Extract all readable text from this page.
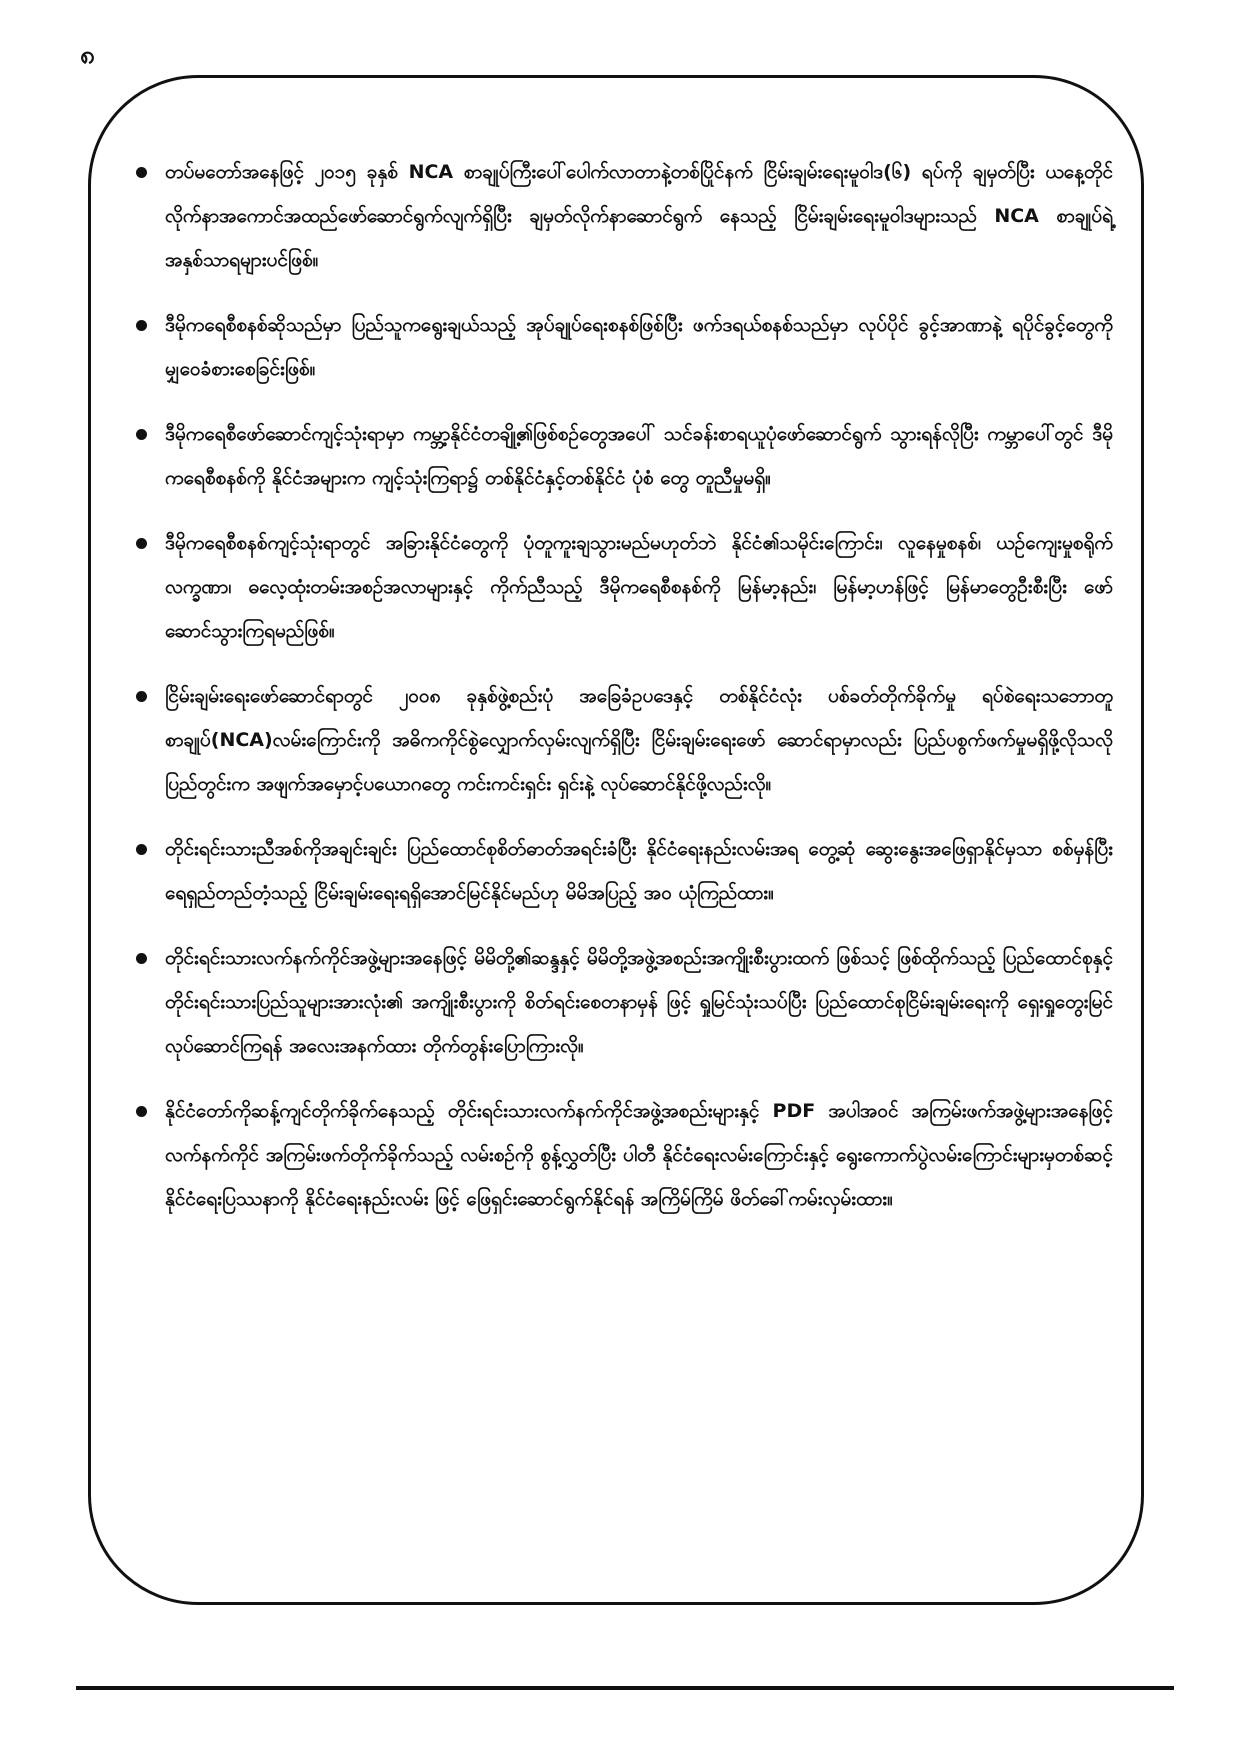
၈
တပ်မတော်အနေဖြင့် ၂၀၁၅ ခုနှစ် NCA စာချုပ်ကြီးပေါ်ပေါက်လာတာနဲ့တစ်ပြိုင်နက် ငြိမ်းချမ်းရေးမူဝါဒ(၆) ရပ်ကို ချမှတ်ပြီး ယနေ့တိုင်လိုက်နာအကောင်အထည်ဖော်ဆောင်ရွက်လျက်ရှိပြီး ချမှတ်လိုက်နာဆောင်ရွက် နေသည့် ငြိမ်းချမ်းရေးမူဝါဒများသည် NCA စာချုပ်ရဲ့ အနှစ်သာရများပင်ဖြစ်။
ဒီမိုကရေစီစနစ်ဆိုသည်မှာ ပြည်သူကရွေးချယ်သည့် အုပ်ချုပ်ရေးစနစ်ဖြစ်ပြီး ဖက်ဒရယ်စနစ်သည်မှာ လုပ်ပိုင် ခွင့်အာဏာနဲ့ ရပိုင်ခွင့်တွေကို မျှဝေခံစားစေခြင်းဖြစ်။
ဒီမိုကရေစီဖော်ဆောင်ကျင့်သုံးရာမှာ ကမ္ဘာ့နိုင်ငံတချို့၏ဖြစ်စဉ်တွေအပေါ် သင်ခန်းစာရယူပုံဖော်ဆောင်ရွက် သွားရန်လိုပြီး ကမ္ဘာပေါ်တွင် ဒီမိုကရေစီစနစ်ကို နိုင်ငံအများက ကျင့်သုံးကြရာ၌ တစ်နိုင်ငံနှင့်တစ်နိုင်ငံ ပုံစံ တွေ တူညီမှုမရှိ။
ဒီမိုကရေစီစနစ်ကျင့်သုံးရာတွင် အခြားနိုင်ငံတွေကို ပုံတူကူးချသွားမည်မဟုတ်ဘဲ နိုင်ငံ၏သမိုင်းကြောင်း၊ လူနေမှုစနစ်၊ ယဉ်ကျေးမှုစရိုက်လက္ခဏာ၊ ဓလေ့ထုံးတမ်းအစဉ်အလာများနှင့် ကိုက်ညီသည့် ဒီမိုကရေစီစနစ်ကို မြန်မာ့နည်း၊ မြန်မာ့ဟန်ဖြင့် မြန်မာတွေဦးစီးပြီး ဖော်ဆောင်သွားကြရမည်ဖြစ်။
ငြိမ်းချမ်းရေးဖော်ဆောင်ရာတွင် ၂၀၀၈ ခုနှစ်ဖွဲ့စည်းပုံ အခြေခံဥပဒေနှင့် တစ်နိုင်ငံလုံး ပစ်ခတ်တိုက်ခိုက်မှု ရပ်စဲရေးသဘောတူစာချုပ်(NCA)လမ်းကြောင်းကို အဓိကကိုင်စွဲလျှောက်လှမ်းလျက်ရှိပြီး ငြိမ်းချမ်းရေးဖော် ဆောင်ရာမှာလည်း ပြည်ပစွက်ဖက်မှုမရှိဖို့လိုသလို ပြည်တွင်းက အဖျက်အမှောင့်ပယောဂတွေ ကင်းကင်းရှင်း ရှင်းနဲ့ လုပ်ဆောင်နိုင်ဖို့လည်းလို။
တိုင်းရင်းသားညီအစ်ကိုအချင်းချင်း ပြည်ထောင်စုစိတ်ဓာတ်အရင်းခံပြီး နိုင်ငံရေးနည်းလမ်းအရ တွေ့ဆုံ ဆွေးနွေးအဖြေရှာနိုင်မှသာ စစ်မှန်ပြီးရေရှည်တည်တံ့သည့် ငြိမ်းချမ်းရေးရရှိအောင်မြင်နိုင်မည်ဟု မိမိအပြည့် အဝ ယုံကြည်ထား။
တိုင်းရင်းသားလက်နက်ကိုင်အဖွဲ့များအနေဖြင့် မိမိတို့၏ဆန္ဒနှင့် မိမိတို့အဖွဲ့အစည်းအကျိုးစီးပွားထက် ဖြစ်သင့် ဖြစ်ထိုက်သည့် ပြည်ထောင်စုနှင့်တိုင်းရင်းသားပြည်သူများအားလုံး၏ အကျိုးစီးပွားကို စိတ်ရင်းစေတနာမှန် ဖြင့် ရှုမြင်သုံးသပ်ပြီး ပြည်ထောင်စုငြိမ်းချမ်းရေးကို ရှေးရှုတွေးမြင်လုပ်ဆောင်ကြရန် အလေးအနက်ထား တိုက်တွန်းပြောကြားလို။
နိုင်ငံတော်ကိုဆန့်ကျင်တိုက်ခိုက်နေသည့် တိုင်းရင်းသားလက်နက်ကိုင်အဖွဲ့အစည်းများနှင့် PDF အပါအဝင် အကြမ်းဖက်အဖွဲ့များအနေဖြင့် လက်နက်ကိုင် အကြမ်းဖက်တိုက်ခိုက်သည့် လမ်းစဉ်ကို စွန့်လွှတ်ပြီး ပါတီ နိုင်ငံရေးလမ်းကြောင်းနှင့် ရွေးကောက်ပွဲလမ်းကြောင်းများမှတစ်ဆင့် နိုင်ငံရေးပြဿနာကို နိုင်ငံရေးနည်းလမ်း ဖြင့် ဖြေရှင်းဆောင်ရွက်နိုင်ရန် အကြိမ်ကြိမ် ဖိတ်ခေါ်ကမ်းလှမ်းထား။
